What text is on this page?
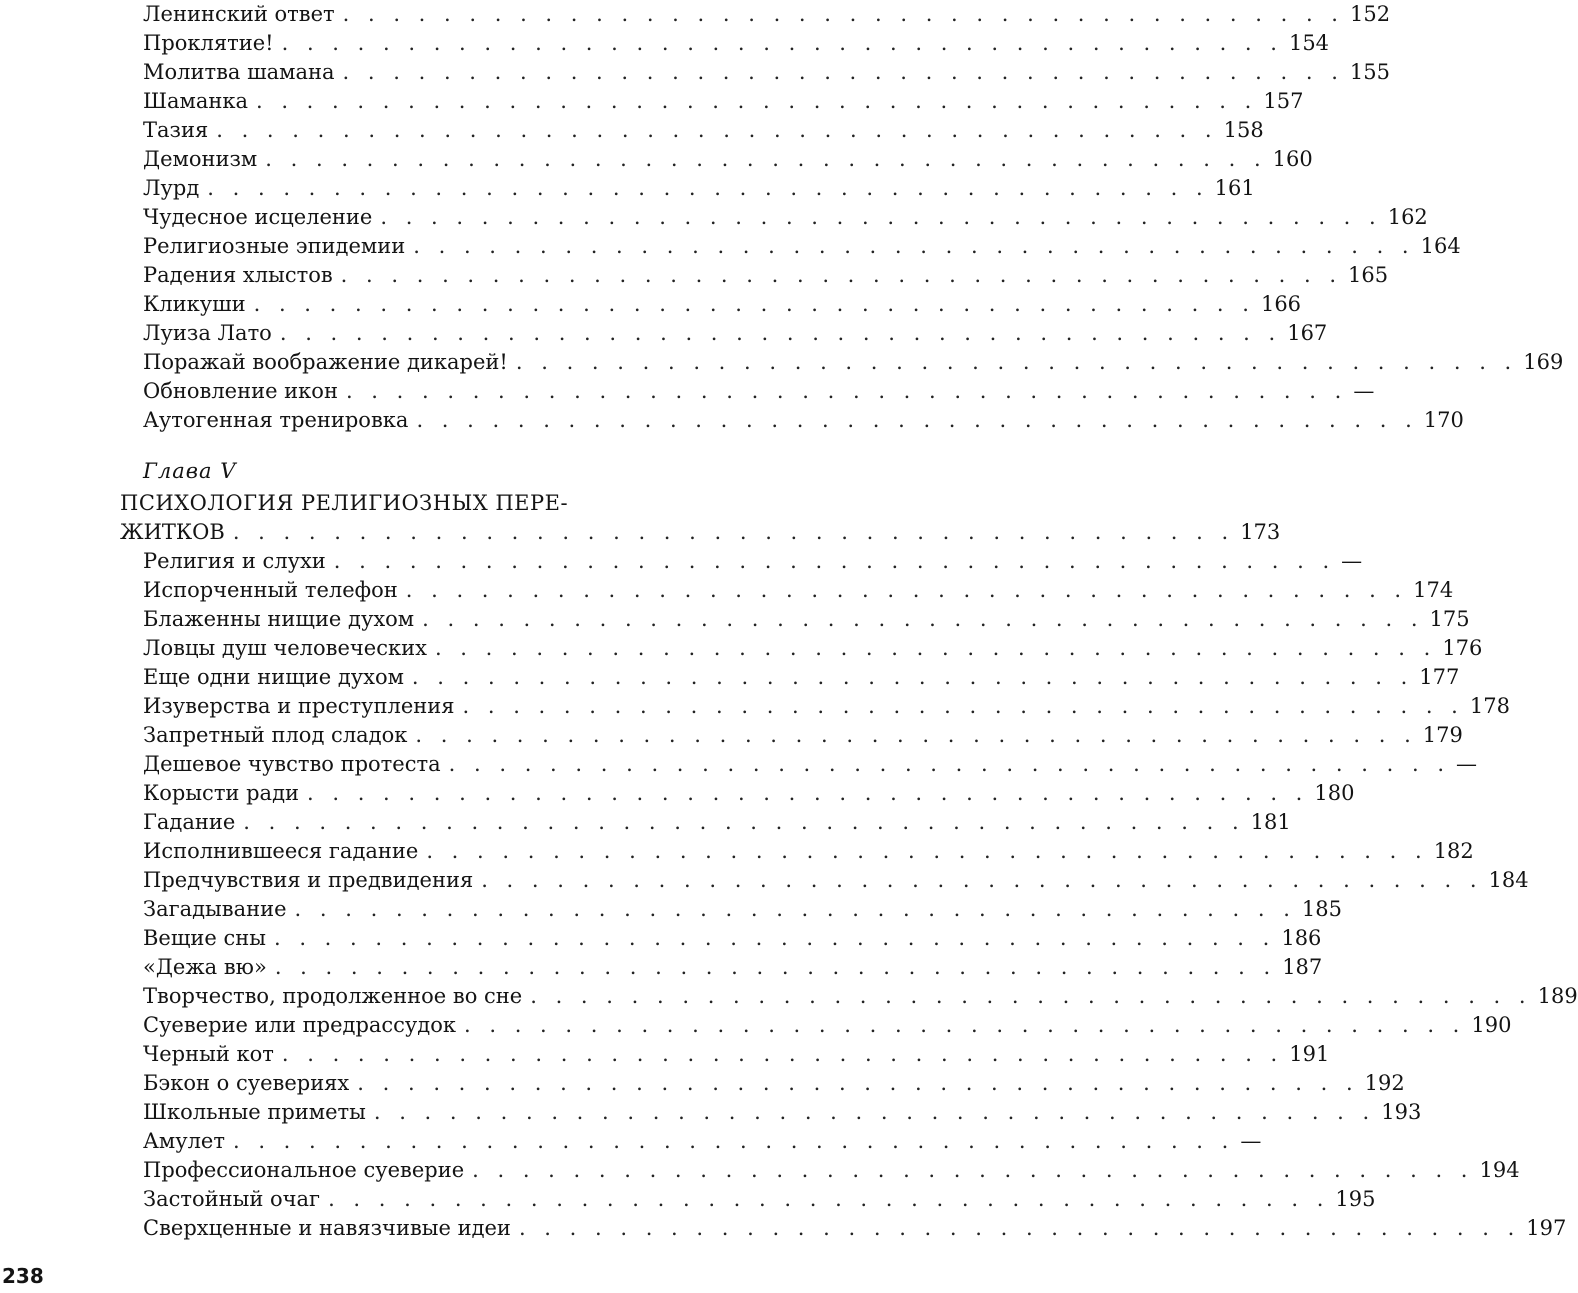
Ленинский ответ . . . . . . . . . . . . . . . . . . . . . . . . . . . . . . . . . . . . . . . . 152
Проклятие! . . . . . . . . . . . . . . . . . . . . . . . . . . . . . . . . . . . . . . . . 154
Молитва шамана . . . . . . . . . . . . . . . . . . . . . . . . . . . . . . . . . . . . . . . . 155
Шаманка . . . . . . . . . . . . . . . . . . . . . . . . . . . . . . . . . . . . . . . . 157
Тазия . . . . . . . . . . . . . . . . . . . . . . . . . . . . . . . . . . . . . . . . 158
Демонизм . . . . . . . . . . . . . . . . . . . . . . . . . . . . . . . . . . . . . . . . 160
Лурд . . . . . . . . . . . . . . . . . . . . . . . . . . . . . . . . . . . . . . . . 161
Чудесное исцеление . . . . . . . . . . . . . . . . . . . . . . . . . . . . . . . . . . . . . . . . 162
Религиозные эпидемии . . . . . . . . . . . . . . . . . . . . . . . . . . . . . . . . . . . . . . . . 164
Радения хлыстов . . . . . . . . . . . . . . . . . . . . . . . . . . . . . . . . . . . . . . . . 165
Кликуши . . . . . . . . . . . . . . . . . . . . . . . . . . . . . . . . . . . . . . . . 166
Луиза Лато . . . . . . . . . . . . . . . . . . . . . . . . . . . . . . . . . . . . . . . . 167
Поражай воображение дикарей! . . . . . . . . . . . . . . . . . . . . . . . . . . . . . . . . . . . . . . . . 169
Обновление икон . . . . . . . . . . . . . . . . . . . . . . . . . . . . . . . . . . . . . . . . —
Аутогенная тренировка . . . . . . . . . . . . . . . . . . . . . . . . . . . . . . . . . . . . . . . . 170
Глава V
ПСИХОЛОГИЯ РЕЛИГИОЗНЫХ ПЕРЕ-
ЖИТКОВ . . . . . . . . . . . . . . . . . . . . . . . . . . . . . . . . . . . . . . . . 173
Религия и слухи . . . . . . . . . . . . . . . . . . . . . . . . . . . . . . . . . . . . . . . . —
Испорченный телефон . . . . . . . . . . . . . . . . . . . . . . . . . . . . . . . . . . . . . . . . 174
Блаженны нищие духом . . . . . . . . . . . . . . . . . . . . . . . . . . . . . . . . . . . . . . . . 175
Ловцы душ человеческих . . . . . . . . . . . . . . . . . . . . . . . . . . . . . . . . . . . . . . . . 176
Еще одни нищие духом . . . . . . . . . . . . . . . . . . . . . . . . . . . . . . . . . . . . . . . . 177
Изуверства и преступления . . . . . . . . . . . . . . . . . . . . . . . . . . . . . . . . . . . . . . . . 178
Запретный плод сладок . . . . . . . . . . . . . . . . . . . . . . . . . . . . . . . . . . . . . . . . 179
Дешевое чувство протеста . . . . . . . . . . . . . . . . . . . . . . . . . . . . . . . . . . . . . . . . —
Корысти ради . . . . . . . . . . . . . . . . . . . . . . . . . . . . . . . . . . . . . . . . 180
Гадание . . . . . . . . . . . . . . . . . . . . . . . . . . . . . . . . . . . . . . . . 181
Исполнившееся гадание . . . . . . . . . . . . . . . . . . . . . . . . . . . . . . . . . . . . . . . . 182
Предчувствия и предвидения . . . . . . . . . . . . . . . . . . . . . . . . . . . . . . . . . . . . . . . . 184
Загадывание . . . . . . . . . . . . . . . . . . . . . . . . . . . . . . . . . . . . . . . . 185
Вещие сны . . . . . . . . . . . . . . . . . . . . . . . . . . . . . . . . . . . . . . . . 186
«Дежа вю» . . . . . . . . . . . . . . . . . . . . . . . . . . . . . . . . . . . . . . . . 187
Творчество, продолженное во сне . . . . . . . . . . . . . . . . . . . . . . . . . . . . . . . . . . . . . . . . 189
Суеверие или предрассудок . . . . . . . . . . . . . . . . . . . . . . . . . . . . . . . . . . . . . . . . 190
Черный кот . . . . . . . . . . . . . . . . . . . . . . . . . . . . . . . . . . . . . . . . 191
Бэкон о суевериях . . . . . . . . . . . . . . . . . . . . . . . . . . . . . . . . . . . . . . . . 192
Школьные приметы . . . . . . . . . . . . . . . . . . . . . . . . . . . . . . . . . . . . . . . . 193
Амулет . . . . . . . . . . . . . . . . . . . . . . . . . . . . . . . . . . . . . . . . —
Профессиональное суеверие . . . . . . . . . . . . . . . . . . . . . . . . . . . . . . . . . . . . . . . . 194
Застойный очаг . . . . . . . . . . . . . . . . . . . . . . . . . . . . . . . . . . . . . . . . 195
Сверхценные и навязчивые идеи . . . . . . . . . . . . . . . . . . . . . . . . . . . . . . . . . . . . . . . . 197
238
